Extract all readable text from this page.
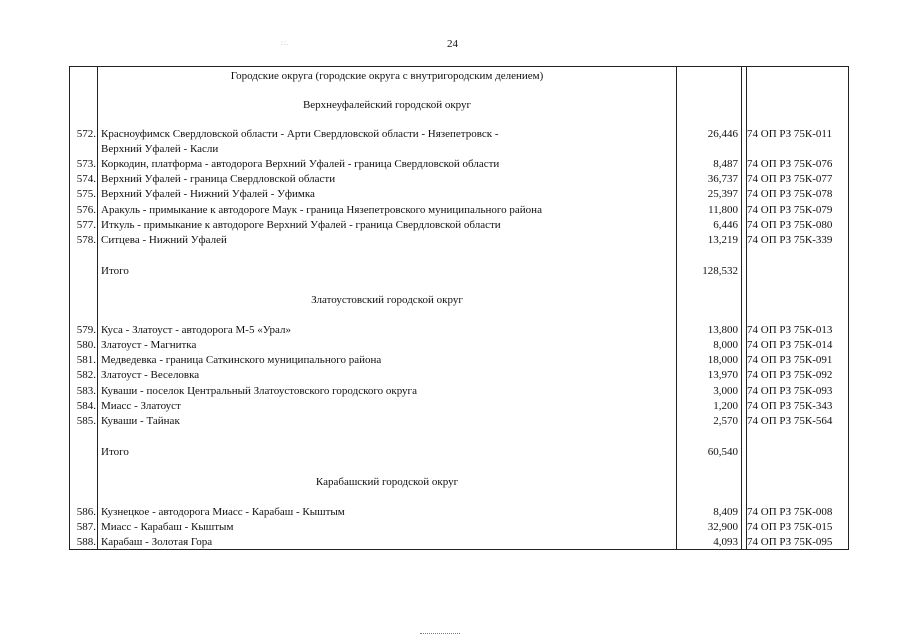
::.	24
Городские округа (городские округа с внутригородским делением)
Верхнеуфалейский городской округ
572. Красноуфимск Свердловской области - Арти Свердловской области - Нязепетровск -	26,446 74 ОП РЗ 75К-011
Верхний Уфалей - Касли
573. Коркодин, платформа - автодорога Верхний Уфалей - граница Свердловской области	8,487 74 ОП РЗ 75К-076
574. Верхний Уфалей - граница Свердловской области	36,737 74 ОП РЗ 75К-077
575. Верхний Уфалей - Нижний Уфалей - Уфимка	25,397 74 ОП РЗ 75К-078
576. Аракуль - примыкание к автодороге Маук - граница Нязепетровского муниципального района	11,800 74 ОП РЗ 75К-079
577. Иткуль - примыкание к автодороге Верхний Уфалей - граница Свердловской области	6,446 74 ОП РЗ 75К-080
578. Ситцева - Нижний Уфалей	13,219 74 ОП РЗ 75К-339
Итого	128,532
Златоустовский городской округ
579. Куса - Златоуст - автодорога М-5 «Урал»	13,800 74 ОП РЗ 75К-013
580. Златоуст - Магнитка	8,000 74 ОП РЗ 75К-014
581. Медведевка - граница Саткинского муниципального района	18,000 74 ОП РЗ 75К-091
582. Златоуст - Веселовка	13,970 74 ОП РЗ 75К-092
583. Куваши - поселок Центральный Златоустовского городского округа	3,000 74 ОП РЗ 75К-093
584. Миасс - Златоуст	1,200 74 ОП РЗ 75К-343
585. Куваши - Тайнак	2,570 74 ОП РЗ 75К-564
Итого	60,540
Карабашский городской округ
586. Кузнецкое - автодорога Миасс - Карабаш - Кыштым	8,409 74 ОП РЗ 75К-008
587. Миасс - Карабаш - Кыштым	32,900 74 ОП РЗ 75К-015
588. Карабаш - Золотая Гора	4,093 74 ОП РЗ 75К-095
